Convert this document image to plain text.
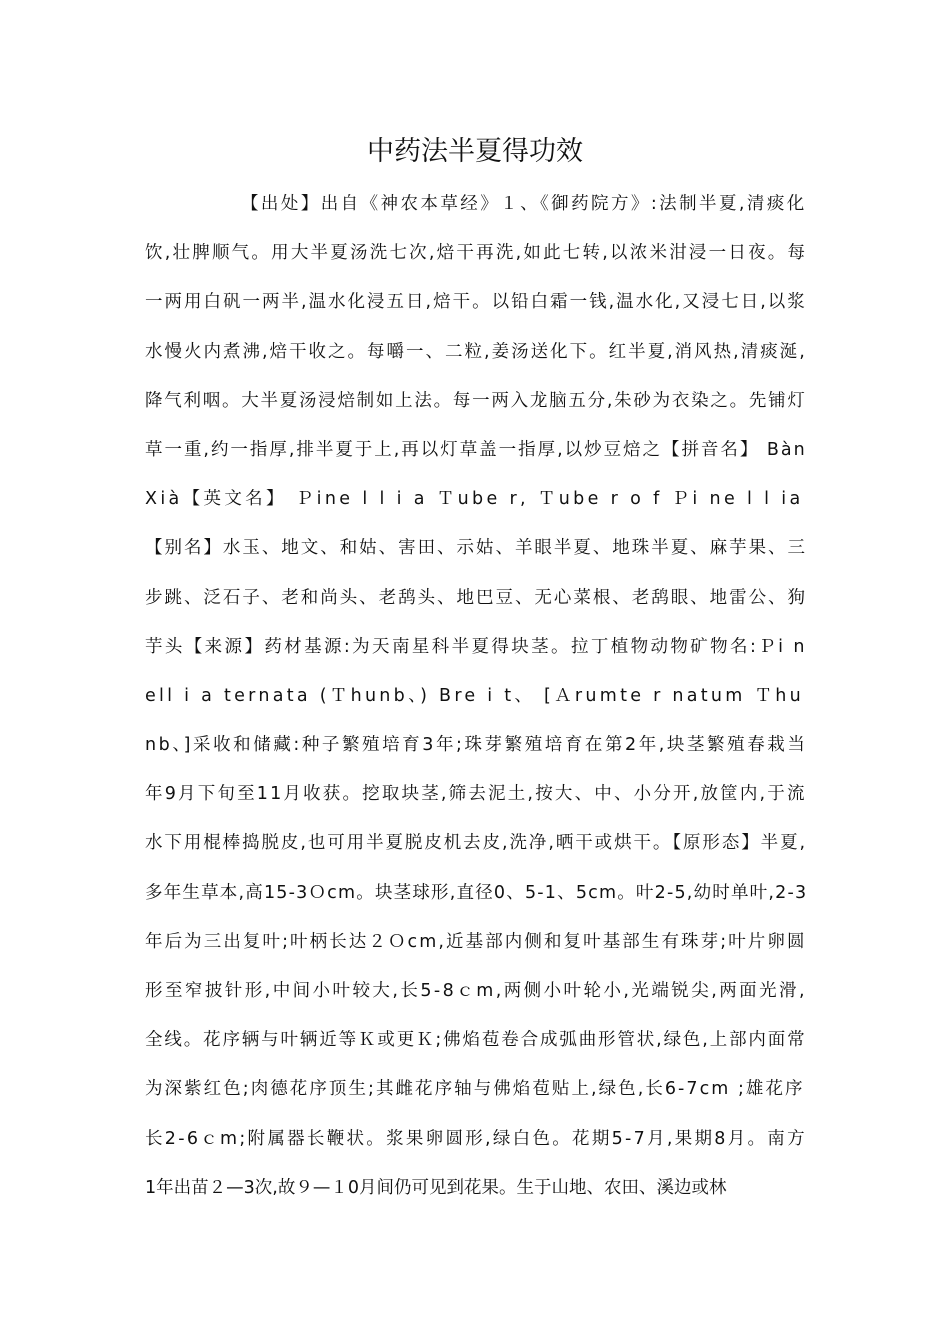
中药法半夏得功效
【出处】出自《神农本草经》１、《御药院方》:法制半夏,清痰化
饮,壮脾顺气。用大半夏汤洗七次,焙干再洗,如此七转,以浓米泔浸一日夜。每
一两用白矾一两半,温水化浸五日,焙干。以铅白霜一钱,温水化,又浸七日,以浆
水慢火内煮沸,焙干收之。每嚼一、二粒,姜汤送化下。红半夏,消风热,清痰涎,
降气利咽。大半夏汤浸焙制如上法。每一两入龙脑五分,朱砂为衣染之。先铺灯
草一重,约一指厚,排半夏于上,再以灯草盖一指厚,以炒豆焙之【拼音名】 Bàn
Xià【英文名】 Ｐine l l i a Ｔube r, Ｔube r o f Ｐi ne l l ia
【别名】水玉、地文、和姑、害田、示姑、羊眼半夏、地珠半夏、麻芋果、三
步跳、泛石子、老和尚头、老鸹头、地巴豆、无心菜根、老鸹眼、地雷公、狗
芋头【来源】药材基源:为天南星科半夏得块茎。拉丁植物动物矿物名:Ｐi n
ell i a ternata (Ｔhunb、) Bre i t、 [Ａrumte r natum Ｔhu
nb、]采收和储藏:种子繁殖培育3年;珠芽繁殖培育在第2年,块茎繁殖春栽当
年9月下旬至11月收获。挖取块茎,筛去泥土,按大、中、小分开,放筐内,于流
水下用棍棒捣脱皮,也可用半夏脱皮机去皮,洗净,晒干或烘干。【原形态】半夏,
多年生草本,高15-3Ｏcm。块茎球形,直径0、5-1、5cm。叶2-5,幼时单叶,2-3
年后为三出复叶;叶柄长达２Ｏcm,近基部内侧和复叶基部生有珠芽;叶片卵圆
形至窄披针形,中间小叶较大,长5-8ｃm,两侧小叶轮小,光端锐尖,两面光滑,
全线。花序辆与叶辆近等Ｋ或更Ｋ;佛焰苞卷合成弧曲形管状,绿色,上部内面常
为深紫红色;肉德花序顶生;其雌花序轴与佛焰苞贴上,绿色,长6-7cm ;雄花序
长2-6ｃm;附属器长鞭状。浆果卵圆形,绿白色。花期5-7月,果期8月。南方
1年出苗２—3次,故９—１0月间仍可见到花果。生于山地、农田、溪边或林
